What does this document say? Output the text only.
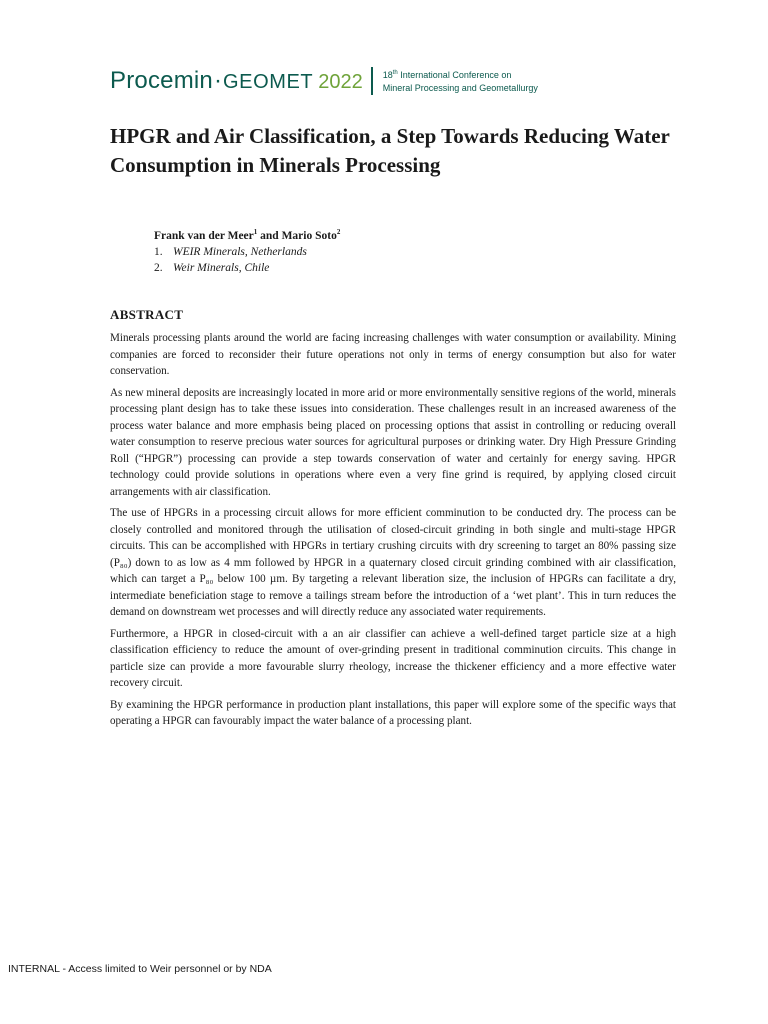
Procemin · GEOMET 2022 18th International Conference on
Mineral Processing and Geometallurgy
HPGR and Air Classification, a Step Towards Reducing Water Consumption in Minerals Processing
Frank van der Meer$^1$ and Mario Soto$^2$
1. WEIR Minerals, Netherlands
2. Weir Minerals, Chile
ABSTRACT

Minerals processing plants around the world are facing increasing challenges with water consumption or availability. Mining companies are forced to reconsider their future operations not only in terms of energy consumption but also for water conservation.

As new mineral deposits are increasingly located in more arid or more environmentally sensitive regions of the world, minerals processing plant design has to take these issues into consideration. These challenges result in an increased awareness of the process water balance and more emphasis being placed on processing options that assist in controlling or reducing overall water consumption to reserve precious water sources for agricultural purposes or drinking water. Dry High Pressure Grinding Roll (“HPGR”) processing can provide a step towards conservation of water and certainly for energy saving. HPGR technology could provide solutions in operations where even a very fine grind is required, by applying closed circuit arrangements with air classification.

The use of HPGRs in a processing circuit allows for more efficient comminution to be conducted dry. The process can be closely controlled and monitored through the utilisation of closed-circuit grinding in both single and multi-stage HPGR circuits. This can be accomplished with HPGRs in tertiary crushing circuits with dry screening to target an 80% passing size (P₈₀) down to as low as 4 mm followed by HPGR in a quaternary closed circuit grinding combined with air classification, which can target a P₈₀ below 100 µm. By targeting a relevant liberation size, the inclusion of HPGRs can facilitate a dry, intermediate beneficiation stage to remove a tailings stream before the introduction of a ‘wet plant’. This in turn reduces the demand on downstream wet processes and will directly reduce any associated water requirements.

Furthermore, a HPGR in closed-circuit with a an air classifier can achieve a well-defined target particle size at a high classification efficiency to reduce the amount of over-grinding present in traditional comminution circuits. This change in particle size can provide a more favourable slurry rheology, increase the thickener efficiency and a more effective water recovery circuit.

By examining the HPGR performance in production plant installations, this paper will explore some of the specific ways that operating a HPGR can favourably impact the water balance of a processing plant.

INTERNAL - Access limited to Weir personnel or by NDA
